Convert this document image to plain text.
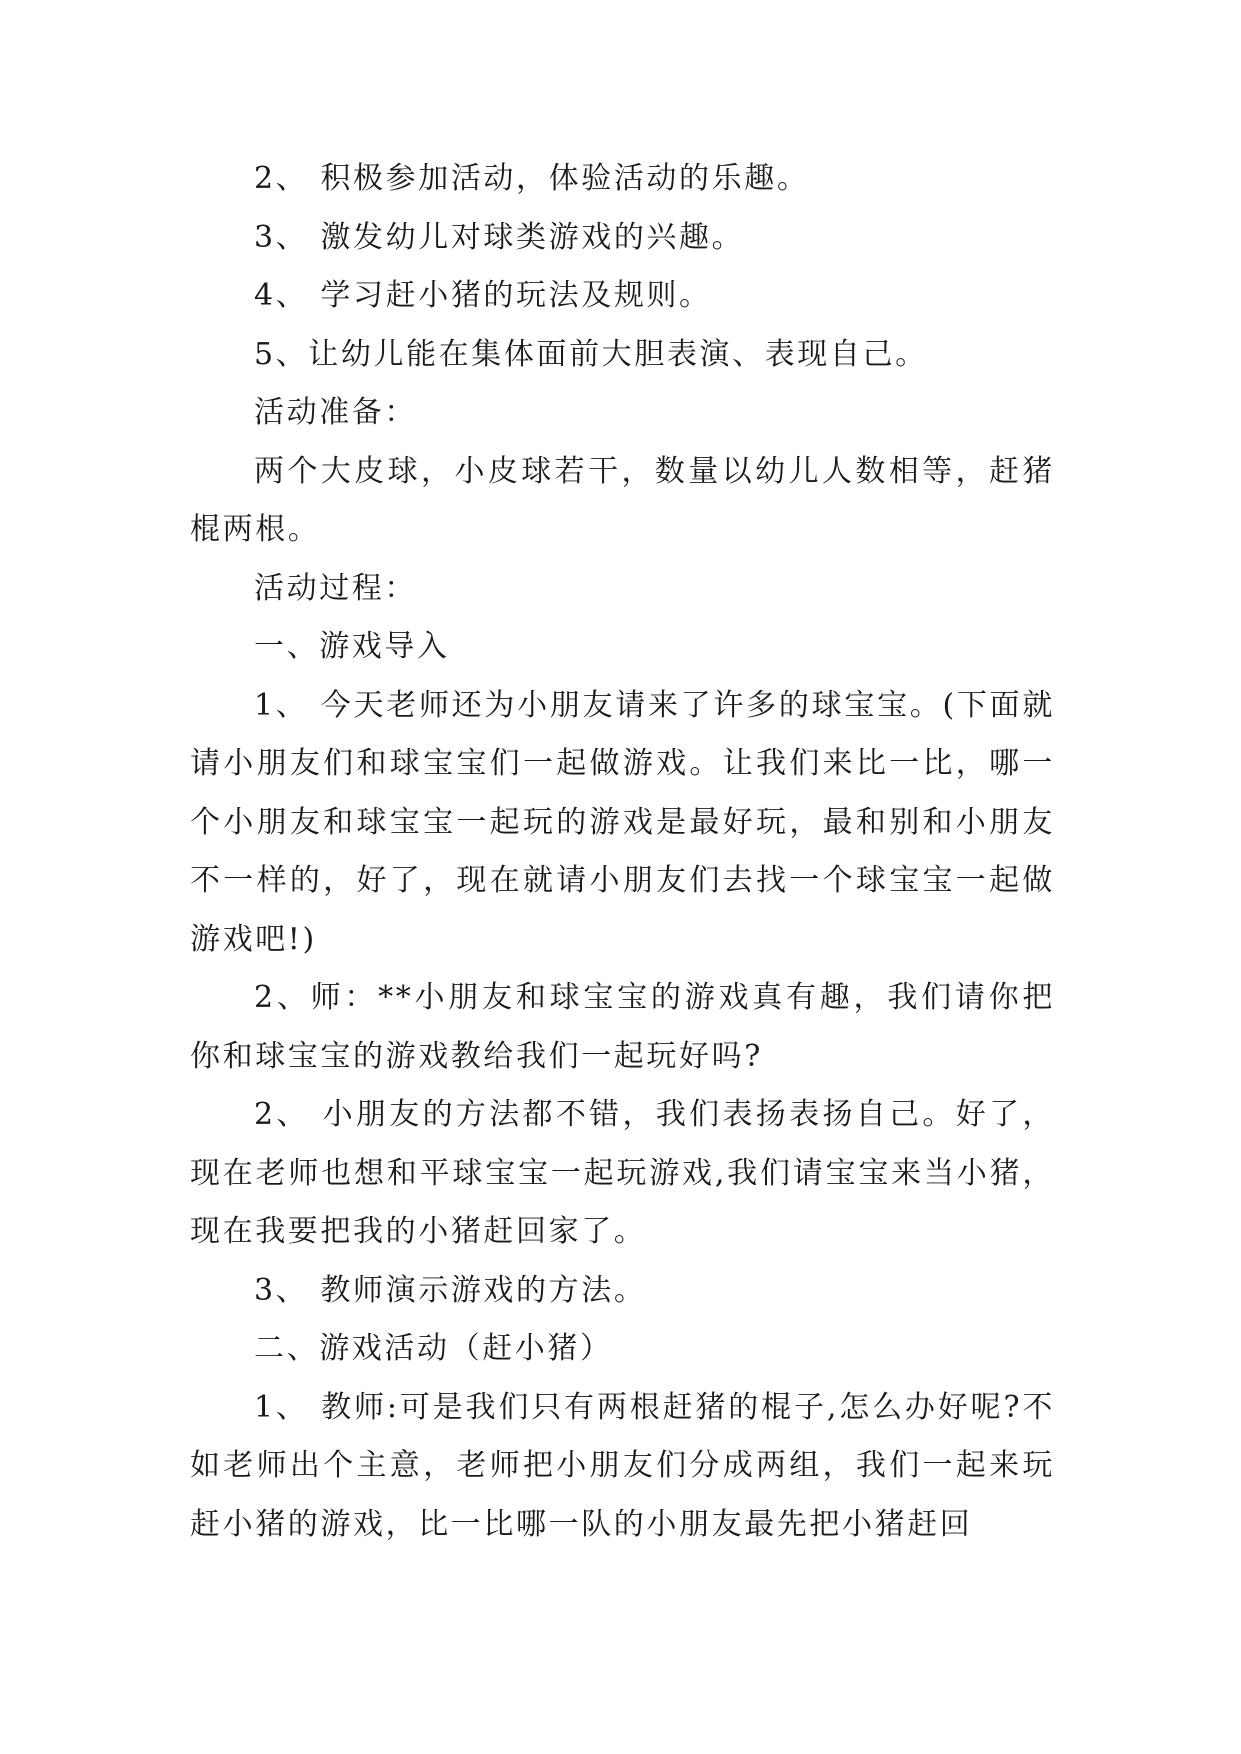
2、 积极参加活动，体验活动的乐趣。

3、 激发幼儿对球类游戏的兴趣。

4、 学习赶小猪的玩法及规则。

5、让幼儿能在集体面前大胆表演、表现自己。

活动准备：

两个大皮球，小皮球若干，数量以幼儿人数相等，赶猪棍两根。

活动过程：

一、游戏导入

1、 今天老师还为小朋友请来了许多的球宝宝。(下面就请小朋友们和球宝宝们一起做游戏。让我们来比一比，哪一个小朋友和球宝宝一起玩的游戏是最好玩，最和别和小朋友不一样的，好了，现在就请小朋友们去找一个球宝宝一起做游戏吧!)

2、师：**小朋友和球宝宝的游戏真有趣，我们请你把你和球宝宝的游戏教给我们一起玩好吗?

2、 小朋友的方法都不错，我们表扬表扬自己。好了，现在老师也想和平球宝宝一起玩游戏,我们请宝宝来当小猪，现在我要把我的小猪赶回家了。

3、 教师演示游戏的方法。

二、游戏活动（赶小猪）

1、 教师:可是我们只有两根赶猪的棍子,怎么办好呢?不如老师出个主意，老师把小朋友们分成两组，我们一起来玩赶小猪的游戏，比一比哪一队的小朋友最先把小猪赶回
